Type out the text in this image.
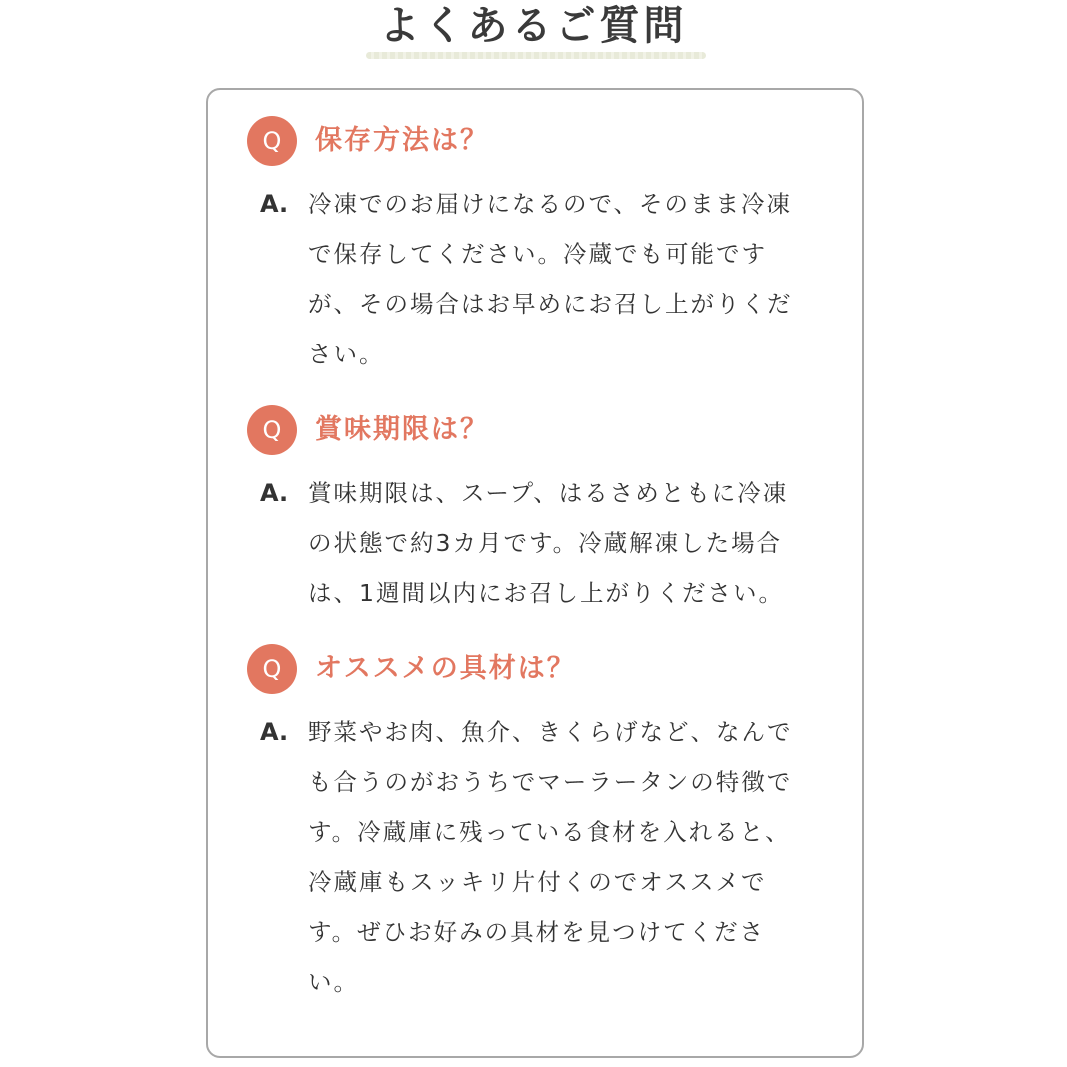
よくあるご質問
Q	保存方法は？
A. 冷凍でのお届けになるので、そのまま冷凍で保存してください。冷蔵でも可能ですが、その場合はお早めにお召し上がりください。

Q	賞味期限は？
A. 賞味期限は、スープ、はるさめともに冷凍の状態で約3カ月です。冷蔵解凍した場合は、1週間以内にお召し上がりください。

Q	オススメの具材は？
A. 野菜やお肉、魚介、きくらげなど、なんでも合うのがおうちでマーラータンの特徴です。冷蔵庫に残っている食材を入れると、冷蔵庫もスッキリ片付くのでオススメです。ぜひお好みの具材を見つけてください。
